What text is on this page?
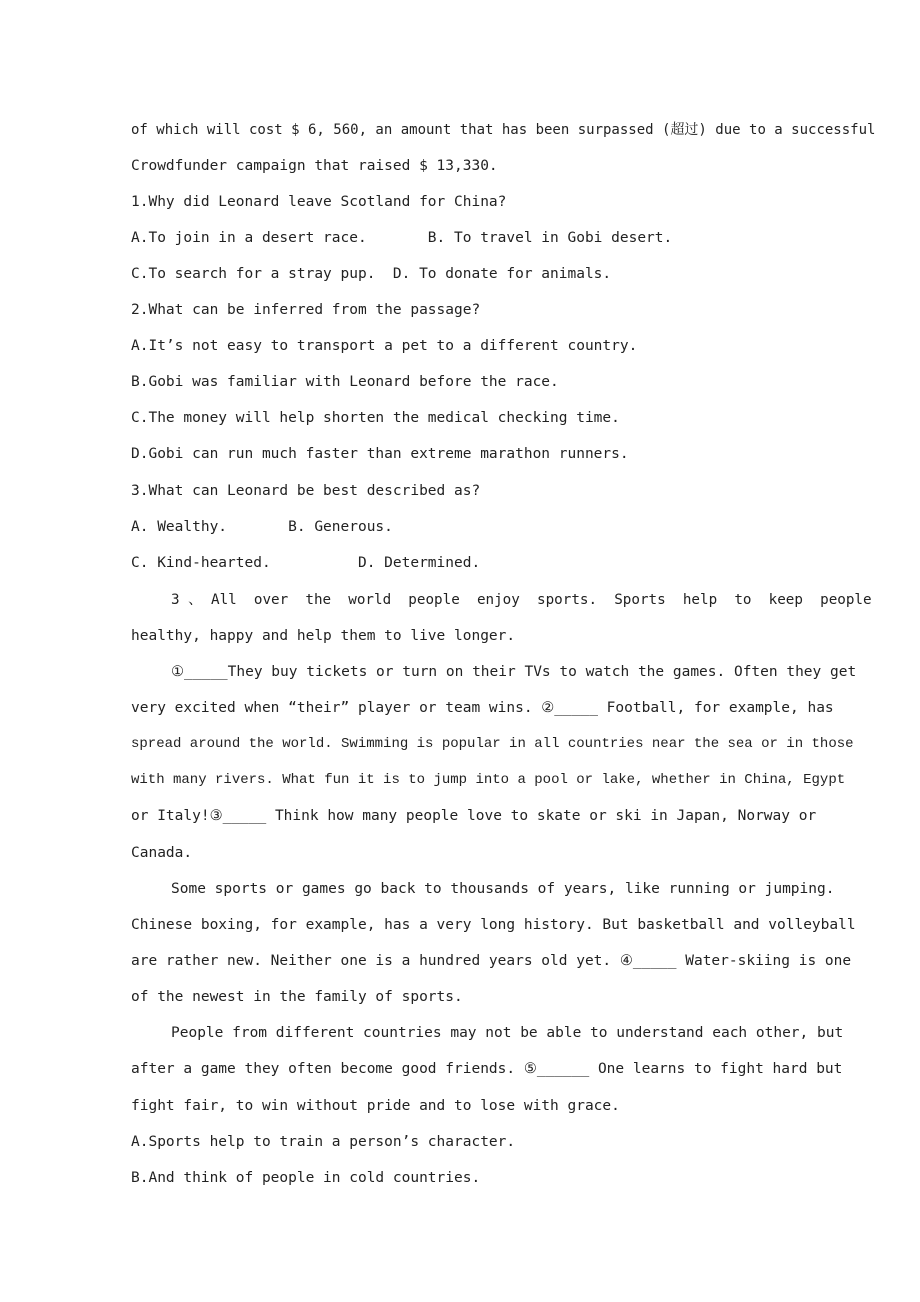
of which will cost $ 6, 560, an amount that has been surpassed (超过) due to a successful
Crowdfunder campaign that raised $ 13,330.
1.Why did Leonard leave Scotland for China?
A.To join in a desert race.       B. To travel in Gobi desert.
C.To search for a stray pup.  D. To donate for animals.
2.What can be inferred from the passage?
A.It’s not easy to transport a pet to a different country.
B.Gobi was familiar with Leonard before the race.
C.The money will help shorten the medical checking time.
D.Gobi can run much faster than extreme marathon runners.
3.What can Leonard be best described as?
A. Wealthy.       B. Generous.
C. Kind-hearted.          D. Determined.
3 、 All  over  the  world  people  enjoy  sports.  Sports  help  to  keep  people
healthy, happy and help them to live longer.
①_____They buy tickets or turn on their TVs to watch the games. Often they get
very excited when “their” player or team wins. ②_____ Football, for example, has
spread around the world. Swimming is popular in all countries near the sea or in those
with many rivers. What fun it is to jump into a pool or lake, whether in China, Egypt
or Italy!③_____ Think how many people love to skate or ski in Japan, Norway or
Canada.
Some sports or games go back to thousands of years, like running or jumping.
Chinese boxing, for example, has a very long history. But basketball and volleyball
are rather new. Neither one is a hundred years old yet. ④_____ Water-skiing is one
of the newest in the family of sports.
People from different countries may not be able to understand each other, but
after a game they often become good friends. ⑤______ One learns to fight hard but
fight fair, to win without pride and to lose with grace.
A.Sports help to train a person’s character.
B.And think of people in cold countries.
